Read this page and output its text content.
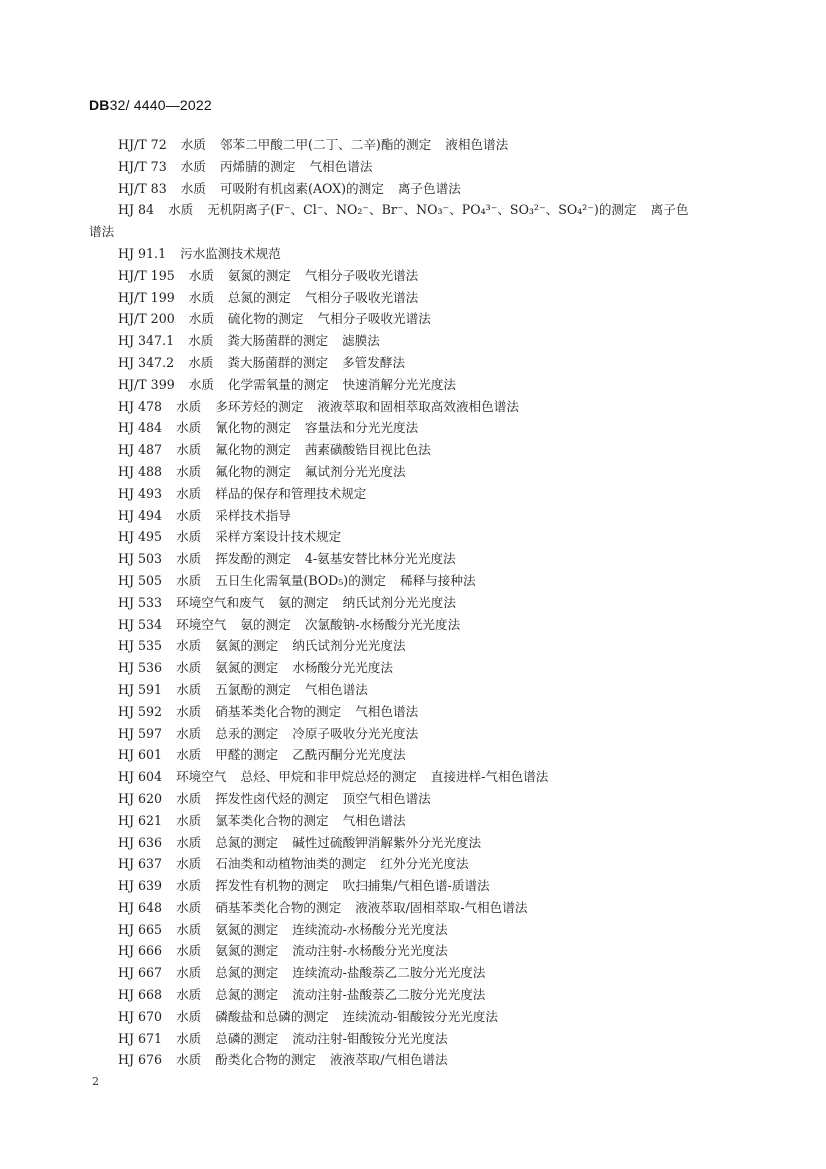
DB32/ 4440—2022
HJ/T 72 水质 邻苯二甲酸二甲(二丁、二辛)酯的测定 液相色谱法
HJ/T 73 水质 丙烯腈的测定 气相色谱法
HJ/T 83 水质 可吸附有机卤素(AOX)的测定 离子色谱法
HJ 84 水质 无机阴离子(F⁻、Cl⁻、NO₂⁻、Br⁻、NO₃⁻、PO₄³⁻、SO₃²⁻、SO₄²⁻)的测定 离子色
谱法
HJ 91.1 污水监测技术规范
HJ/T 195 水质 氨氮的测定 气相分子吸收光谱法
HJ/T 199 水质 总氮的测定 气相分子吸收光谱法
HJ/T 200 水质 硫化物的测定 气相分子吸收光谱法
HJ 347.1 水质 粪大肠菌群的测定 滤膜法
HJ 347.2 水质 粪大肠菌群的测定 多管发酵法
HJ/T 399 水质 化学需氧量的测定 快速消解分光光度法
HJ 478 水质 多环芳烃的测定 液液萃取和固相萃取高效液相色谱法
HJ 484 水质 氰化物的测定 容量法和分光光度法
HJ 487 水质 氟化物的测定 茜素磺酸锆目视比色法
HJ 488 水质 氟化物的测定 氟试剂分光光度法
HJ 493 水质 样品的保存和管理技术规定
HJ 494 水质 采样技术指导
HJ 495 水质 采样方案设计技术规定
HJ 503 水质 挥发酚的测定 4-氨基安替比林分光光度法
HJ 505 水质 五日生化需氧量(BOD₅)的测定 稀释与接种法
HJ 533 环境空气和废气 氨的测定 纳氏试剂分光光度法
HJ 534 环境空气 氨的测定 次氯酸钠-水杨酸分光光度法
HJ 535 水质 氨氮的测定 纳氏试剂分光光度法
HJ 536 水质 氨氮的测定 水杨酸分光光度法
HJ 591 水质 五氯酚的测定 气相色谱法
HJ 592 水质 硝基苯类化合物的测定 气相色谱法
HJ 597 水质 总汞的测定 冷原子吸收分光光度法
HJ 601 水质 甲醛的测定 乙酰丙酮分光光度法
HJ 604 环境空气 总烃、甲烷和非甲烷总烃的测定 直接进样-气相色谱法
HJ 620 水质 挥发性卤代烃的测定 顶空气相色谱法
HJ 621 水质 氯苯类化合物的测定 气相色谱法
HJ 636 水质 总氮的测定 碱性过硫酸钾消解紫外分光光度法
HJ 637 水质 石油类和动植物油类的测定 红外分光光度法
HJ 639 水质 挥发性有机物的测定 吹扫捕集/气相色谱-质谱法
HJ 648 水质 硝基苯类化合物的测定 液液萃取/固相萃取-气相色谱法
HJ 665 水质 氨氮的测定 连续流动-水杨酸分光光度法
HJ 666 水质 氨氮的测定 流动注射-水杨酸分光光度法
HJ 667 水质 总氮的测定 连续流动-盐酸萘乙二胺分光光度法
HJ 668 水质 总氮的测定 流动注射-盐酸萘乙二胺分光光度法
HJ 670 水质 磷酸盐和总磷的测定 连续流动-钼酸铵分光光度法
HJ 671 水质 总磷的测定 流动注射-钼酸铵分光光度法
HJ 676 水质 酚类化合物的测定 液液萃取/气相色谱法
2
